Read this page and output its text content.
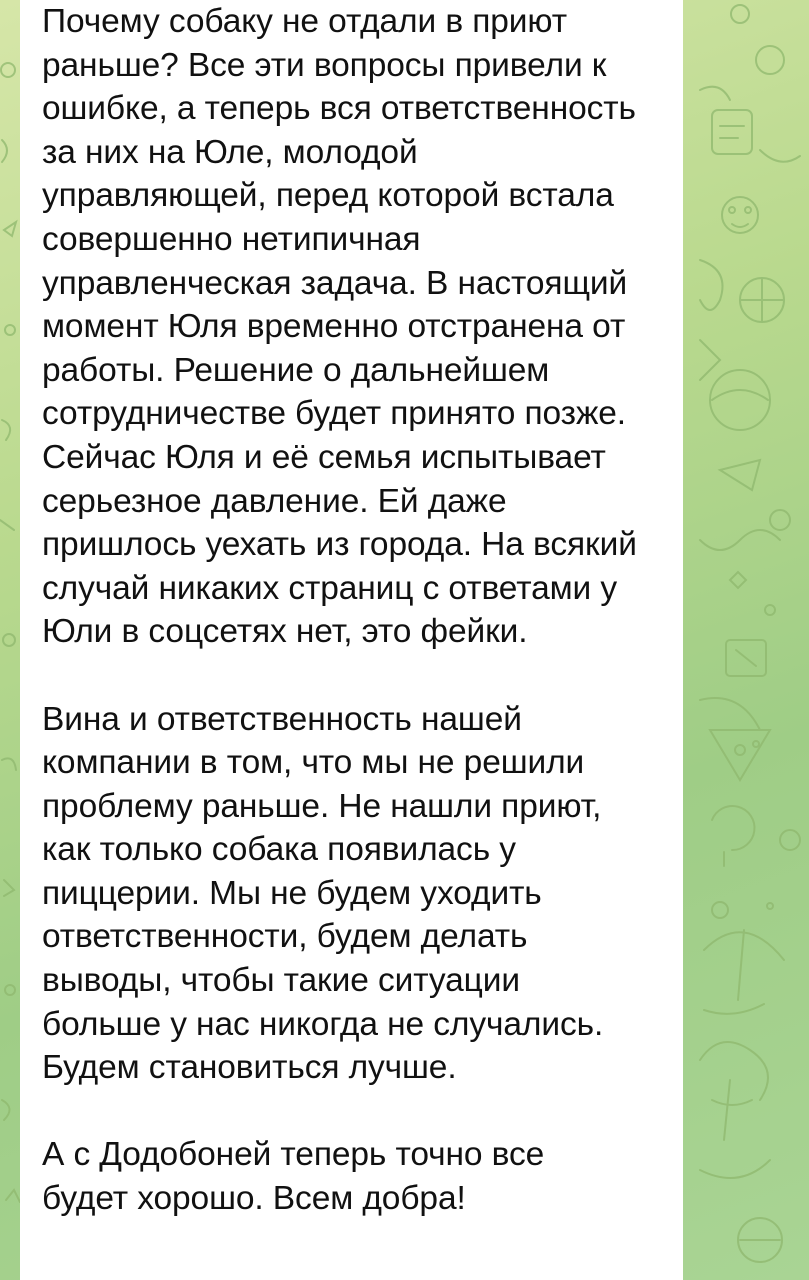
Почему собаку не отдали в приют
раньше? Все эти вопросы привели к
ошибке, а теперь вся ответственность
за них на Юле, молодой
управляющей, перед которой встала
совершенно нетипичная
управленческая задача. В настоящий
момент Юля временно отстранена от
работы. Решение о дальнейшем
сотрудничестве будет принято позже.
Сейчас Юля и её семья испытывает
серьезное давление. Ей даже
пришлось уехать из города. На всякий
случай никаких страниц с ответами у
Юли в соцсетях нет, это фейки.

Вина и ответственность нашей
компании в том, что мы не решили
проблему раньше. Не нашли приют,
как только собака появилась у
пиццерии. Мы не будем уходить
ответственности, будем делать
выводы, чтобы такие ситуации
больше у нас никогда не случались.
Будем становиться лучше.

А с Додобоней теперь точно все
будет хорошо. Всем добра!
